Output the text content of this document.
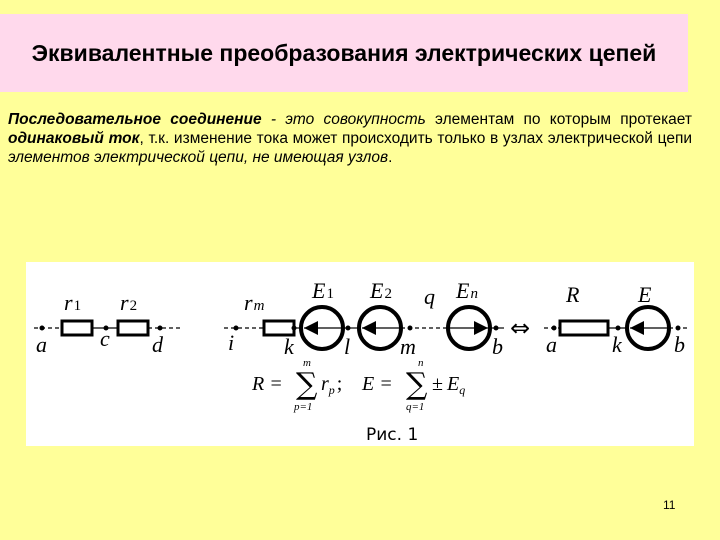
Эквивалентные преобразования электрических цепей
Последовательное соединение - это совокупность элементам по которым протекает одинаковый ток, т.к. изменение тока может происходить только в узлах электрической цепи элементов электрической цепи, не имеющая узлов.
r1 r2
a c d
rm
E1 E2 q En
i k l m	b
R	E
a	k b
⇔
R = ∑
m
p=1
$r_p$ ; E = ∑
n
q=1
± $E_q$
Рис. 1
11
